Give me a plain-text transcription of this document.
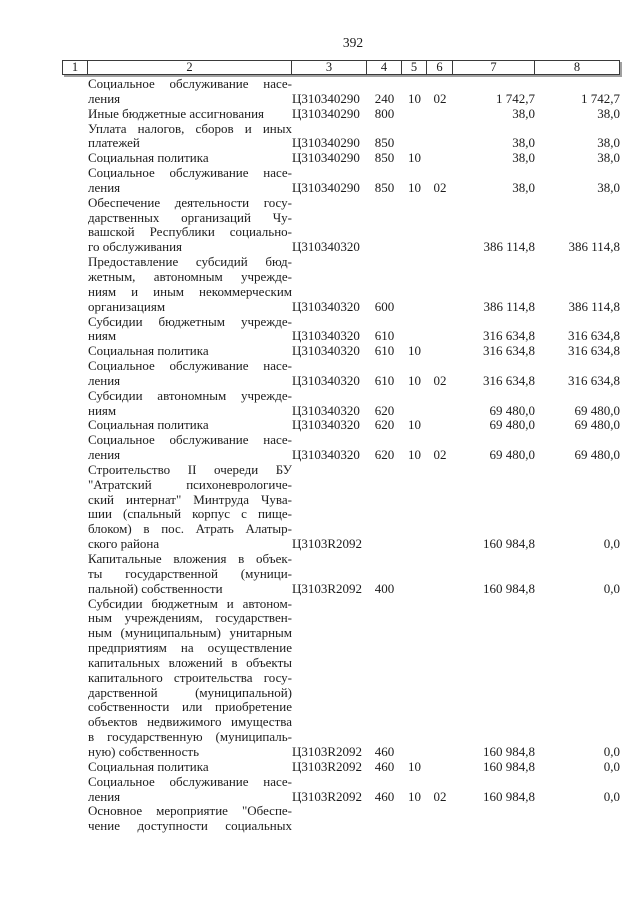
392
1	2	3	4	5	6	7	8

	Социальное обслуживание насе-
ления	Ц310340290	240	10	02	1 742,7	1 742,7

	Иные бюджетные ассигнования	Ц310340290	800			38,0	38,0

	Уплата налогов, сборов и иных
платежей	Ц310340290	850			38,0	38,0

	Социальная политика	Ц310340290	850	10		38,0	38,0

	Социальное обслуживание насе-
ления	Ц310340290	850	10	02	38,0	38,0

	Обеспечение деятельности госу-
дарственных организаций Чу-
вашской Республики социально-
го обслуживания	Ц310340320				386 114,8	386 114,8

	Предоставление субсидий бюд-
жетным, автономным учрежде-
ниям и иным некоммерческим
организациям	Ц310340320	600			386 114,8	386 114,8

	Субсидии бюджетным учрежде-
ниям	Ц310340320	610			316 634,8	316 634,8

	Социальная политика	Ц310340320	610	10		316 634,8	316 634,8

	Социальное обслуживание насе-
ления	Ц310340320	610	10	02	316 634,8	316 634,8

	Субсидии автономным учрежде-
ниям	Ц310340320	620			69 480,0	69 480,0

	Социальная политика	Ц310340320	620	10		69 480,0	69 480,0

	Социальное обслуживание насе-
ления	Ц310340320	620	10	02	69 480,0	69 480,0

Строительство II очереди БУ
"Атратский психоневрологиче-
ский интернат" Минтруда Чува-
шии (спальный корпус с пище-
блоком) в пос. Атрать Алатыр-
ского района	Ц3103R2092				160 984,8	0,0

	Капитальные вложения в объек-
ты государственной (муници-
пальной) собственности	Ц3103R2092	400			160 984,8	0,0

Субсидии бюджетным и автоном-
ным учреждениям, государствен-
ным (муниципальным) унитарным
предприятиям на осуществление
капитальных вложений в объекты
капитального строительства госу-
дарственной (муниципальной)
собственности или приобретение
объектов недвижимого имущества
в государственную (муниципаль-
ную) собственность	Ц3103R2092	460			160 984,8	0,0

	Социальная политика	Ц3103R2092	460	10		160 984,8	0,0

	Социальное обслуживание насе-
ления	Ц3103R2092	460	10	02	160 984,8	0,0

	Основное мероприятие "Обеспе-
чение доступности социальных						
